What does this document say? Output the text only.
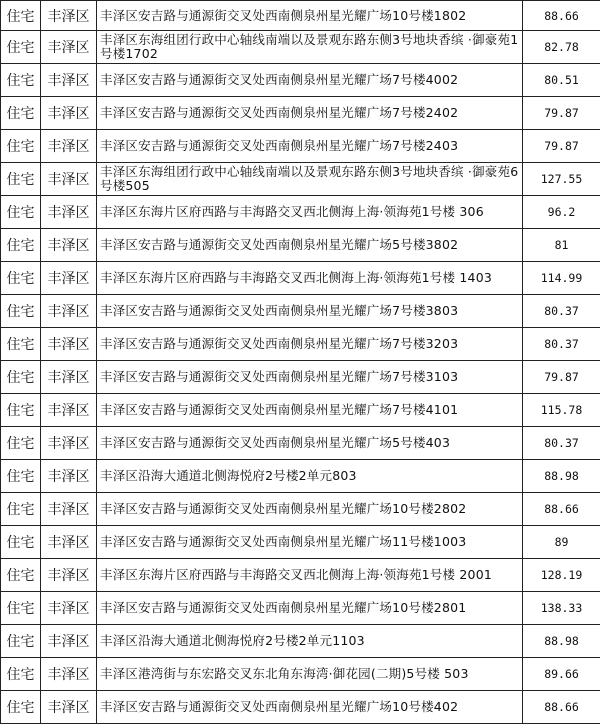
住宅	丰泽区	丰泽区安吉路与通源街交叉处西南侧泉州星光耀广场10号楼1802	88.66
住宅	丰泽区	丰泽区东海组团行政中心轴线南端以及景观东路东侧3号地块香缤 ·御豪苑1号楼1702	82.78
住宅	丰泽区	丰泽区安吉路与通源街交叉处西南侧泉州星光耀广场7号楼4002	80.51
住宅	丰泽区	丰泽区安吉路与通源街交叉处西南侧泉州星光耀广场7号楼2402	79.87
住宅	丰泽区	丰泽区安吉路与通源街交叉处西南侧泉州星光耀广场7号楼2403	79.87
住宅	丰泽区	丰泽区东海组团行政中心轴线南端以及景观东路东侧3号地块香缤 ·御豪苑6号楼505	127.55
住宅	丰泽区	丰泽区东海片区府西路与丰海路交叉西北侧海上海·领海苑1号楼 306	96.2
住宅	丰泽区	丰泽区安吉路与通源街交叉处西南侧泉州星光耀广场5号楼3802	81
住宅	丰泽区	丰泽区东海片区府西路与丰海路交叉西北侧海上海·领海苑1号楼 1403	114.99
住宅	丰泽区	丰泽区安吉路与通源街交叉处西南侧泉州星光耀广场7号楼3803	80.37
住宅	丰泽区	丰泽区安吉路与通源街交叉处西南侧泉州星光耀广场7号楼3203	80.37
住宅	丰泽区	丰泽区安吉路与通源街交叉处西南侧泉州星光耀广场7号楼3103	79.87
住宅	丰泽区	丰泽区安吉路与通源街交叉处西南侧泉州星光耀广场7号楼4101	115.78
住宅	丰泽区	丰泽区安吉路与通源街交叉处西南侧泉州星光耀广场5号楼403	80.37
住宅	丰泽区	丰泽区沿海大通道北侧海悦府2号楼2单元803	88.98
住宅	丰泽区	丰泽区安吉路与通源街交叉处西南侧泉州星光耀广场10号楼2802	88.66
住宅	丰泽区	丰泽区安吉路与通源街交叉处西南侧泉州星光耀广场11号楼1003	89
住宅	丰泽区	丰泽区东海片区府西路与丰海路交叉西北侧海上海·领海苑1号楼 2001	128.19
住宅	丰泽区	丰泽区安吉路与通源街交叉处西南侧泉州星光耀广场10号楼2801	138.33
住宅	丰泽区	丰泽区沿海大通道北侧海悦府2号楼2单元1103	88.98
住宅	丰泽区	丰泽区港湾街与东宏路交叉东北角东海湾·御花园(二期)5号楼 503	89.66
住宅	丰泽区	丰泽区安吉路与通源街交叉处西南侧泉州星光耀广场10号楼402	88.66
